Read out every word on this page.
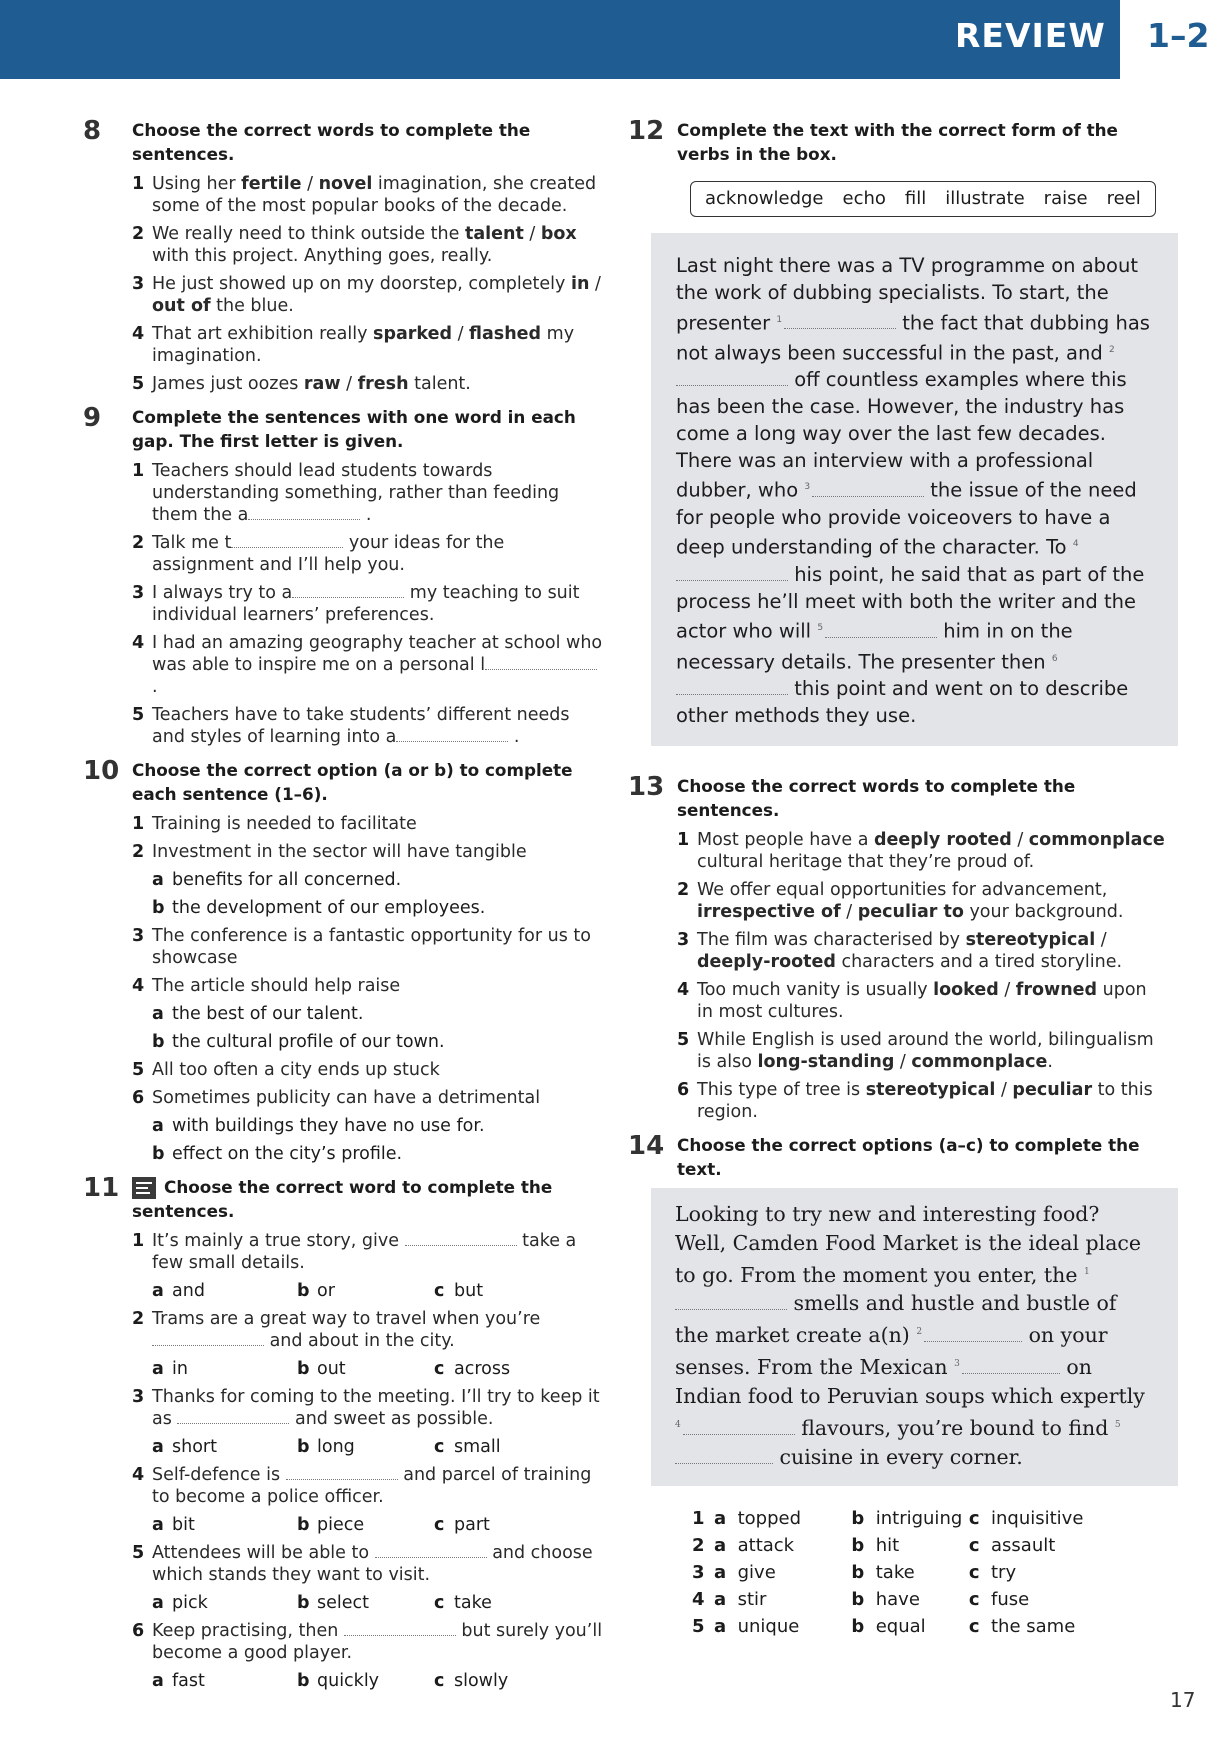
REVIEW 1–2
8	Choose the correct words to complete the sentences.
1 Using her fertile / novel imagination, she created some of the most popular books of the decade.
2 We really need to think outside the talent / box with this project. Anything goes, really.
3 He just showed up on my doorstep, completely in / out of the blue.
4 That art exhibition really sparked / flashed my imagination.
5 James just oozes raw / fresh talent.
9	Complete the sentences with one word in each gap. The first letter is given.
1 Teachers should lead students towards understanding something, rather than feeding them the a	.
2 Talk me t	your ideas for the assignment and I’ll help you.
3 I always try to a	my teaching to suit individual learners’ preferences.
4 I had an amazing geography teacher at school who was able to inspire me on a personal l .
5 Teachers have to take students’ different needs and styles of learning into a	.
10 Choose the correct option (a or b) to complete each sentence (1–6).
1 Training is needed to facilitate
2 Investment in the sector will have tangible
a benefits for all concerned.
b the development of our employees.
3 The conference is a fantastic opportunity for us to showcase
4 The article should help raise
a the best of our talent.
b the cultural profile of our town.
5 All too often a city ends up stuck
6 Sometimes publicity can have a detrimental
a with buildings they have no use for.
b effect on the city’s profile.
11	Choose the correct word to complete the sentences.
1 It’s mainly a true story, give	take a few small details.
a and	b or	c but
2 Trams are a great way to travel when you’re  and about in the city.
a in	b out	c across
3 Thanks for coming to the meeting. I’ll try to keep it as	and sweet as possible.
a short	b long	c small
4 Self-defence is	and parcel of training to become a police officer.
a bit	b piece	c part
5 Attendees will be able to	and choose which stands they want to visit.
a pick	b select	c take
6 Keep practising, then	but surely you’ll become a good player.
a fast	b quickly	c slowly
12 Complete the text with the correct form of the verbs in the box.
acknowledge echo fill illustrate raise reel
Last night there was a TV programme on about the work of dubbing specialists. To start, the presenter $^1$	the fact that dubbing has not always been successful in the past, and $^2$ off countless examples where this has been the case. However, the industry has come a long way over the last few decades. There was an interview with a professional dubber, who $^3$	the issue of the need for people who provide voiceovers to have a deep understanding of the character. To $^4$ his point, he said that as part of the process he’ll meet with both the writer and the actor who will $^5$	him in on the necessary details. The presenter then $^6$ this point and went on to describe other methods they use.
13 Choose the correct words to complete the sentences.
1 Most people have a deeply rooted / commonplace cultural heritage that they’re proud of.
2 We offer equal opportunities for advancement, irrespective of / peculiar to your background.
3 The film was characterised by stereotypical / deeply-rooted characters and a tired storyline.
4 Too much vanity is usually looked / frowned upon in most cultures.
5 While English is used around the world, bilingualism is also long-standing / commonplace.
6 This type of tree is stereotypical / peculiar to this region.
14 Choose the correct options (a–c) to complete the text.
Looking to try new and interesting food? Well, Camden Food Market is the ideal place to go. From the moment you enter, the $^1$ smells and hustle and bustle of the market create a(n) $^2$	on your senses. From the Mexican $^3$	on Indian food to Peruvian soups which expertly $^4$	flavours, you’re bound to find $^5$ cuisine in every corner.
1 a topped	b intriguing c inquisitive
2 a attack	b hit	c assault
3 a give	b take	c try
4 a stir	b have	c fuse
5 a unique	b equal	c the same
17
